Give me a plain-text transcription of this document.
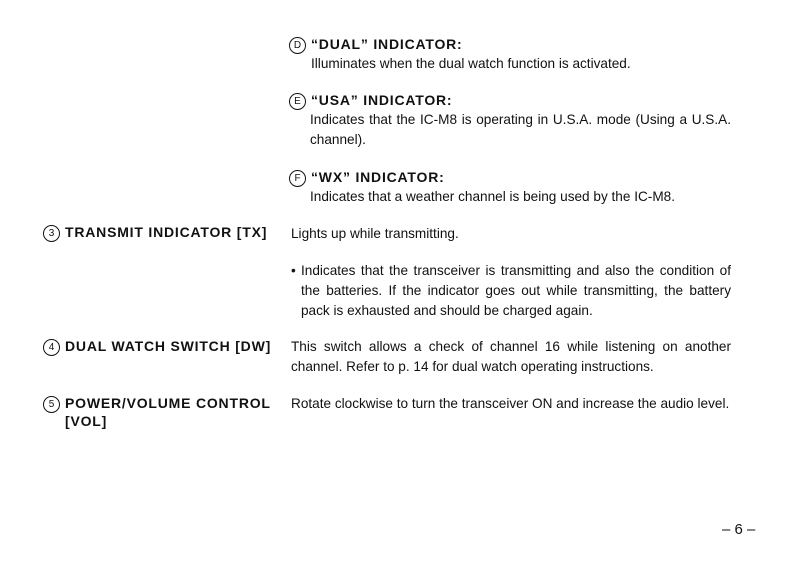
D “DUAL” INDICATOR:
Illuminates when the dual watch function is activated.
E “USA” INDICATOR:
Indicates that the IC-M8 is operating in U.S.A. mode (Using a U.S.A. channel).
F “WX” INDICATOR:
Indicates that a weather channel is being used by the IC-M8.
3 TRANSMIT INDICATOR [TX]	Lights up while transmitting.
• Indicates that the transceiver is transmitting and also the condition of the batteries. If the indicator goes out while transmitting, the battery pack is exhausted and should be charged again.
4 DUAL WATCH SWITCH [DW]	This switch allows a check of channel 16 while listening on another channel. Refer to p. 14 for dual watch operating instructions.
5 POWER/VOLUME CONTROL
[VOL]
Rotate clockwise to turn the transceiver ON and increase the audio level.
– 6 –
